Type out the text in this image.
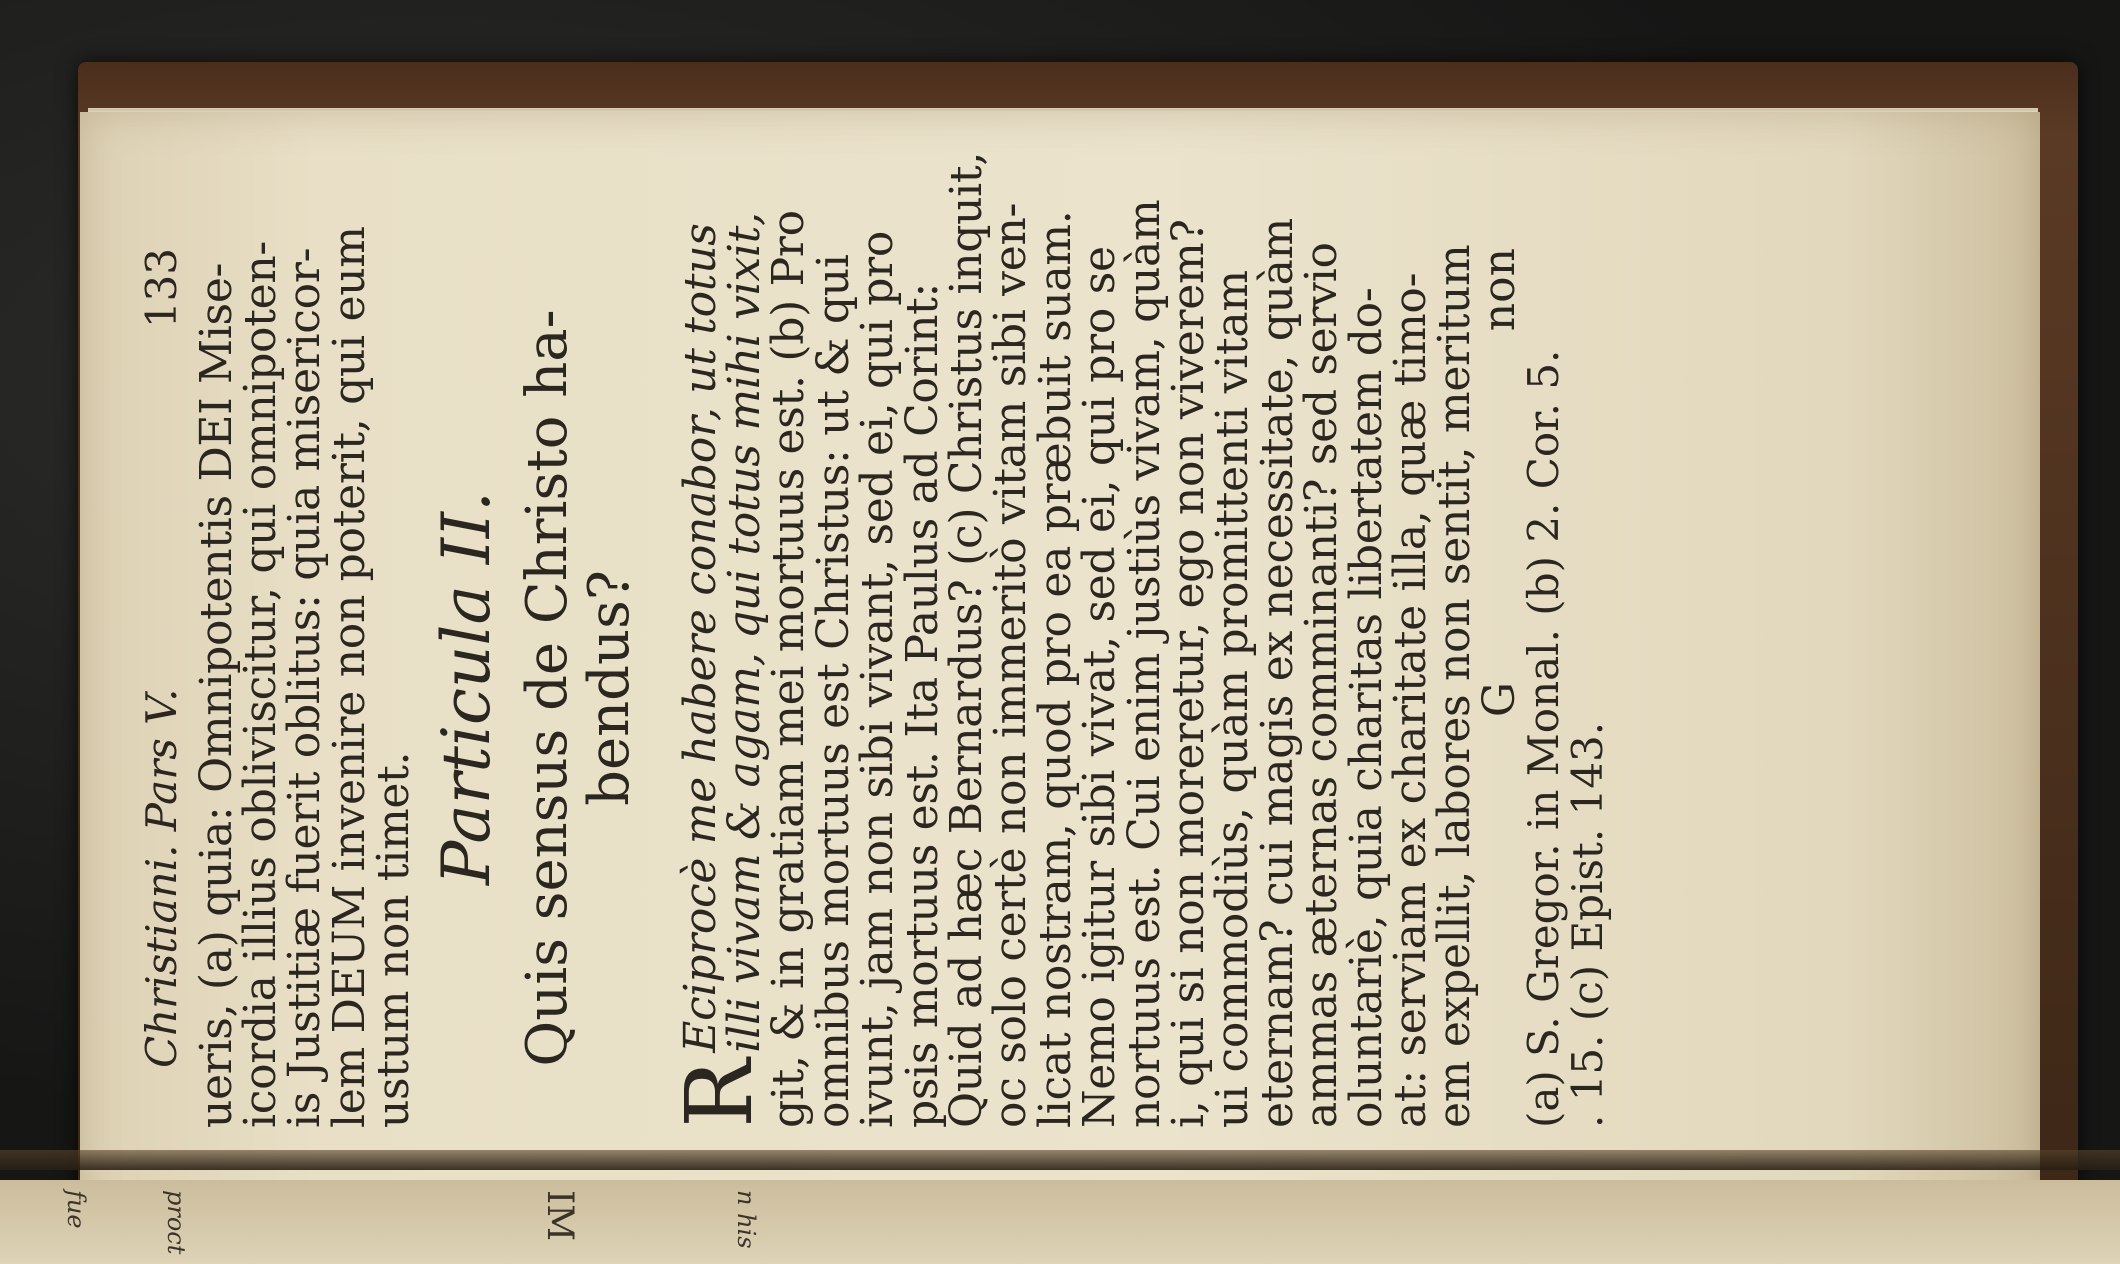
n his
IM
proct
fue
Christiani. Pars V.
133 ueris, (a) quia: Omnipotentis DEI Mise-
icordia illius obliviscitur, qui omnipoten-
is Justitiæ fuerit oblitus: quia misericor-
lem DEUM invenire non poterit, qui eum
ustum non timet.
Particula II. Quis sensus de Christo ha-
bendus?
R
Eciprocè me habere conabor, ut totus
illi vivam & agam, qui totus mihi vixit,
git, & in gratiam mei mortuus est. (b) Pro
omnibus mortuus est Christus: ut & qui
ivunt, jam non sibi vivant, sed ei, qui pro
psis mortuus est. Ita Paulus ad Corint:
Quid ad hæc Bernardus? (c) Christus inquit,
oc solo certè non immeritò vitam sibi ven-
licat nostram, quod pro ea præbuit suam.
Nemo igitur sibi vivat, sed ei, qui pro se
nortuus est. Cui enim justiùs vivam, quàm
i, qui si non moreretur, ego non viverem?
ui commodiùs, quàm promittenti vitam
eternam? cui magis ex necessitate, quàm
ammas æternas comminanti? sed servio
oluntariè, quia charitas libertatem do-
at: serviam ex charitate illa, quæ timo-
em expellit, labores non sentit, meritum
G
non
(a) S. Gregor. in Monal. (b) 2. Cor. 5.
. 15. (c) Epist. 143.
